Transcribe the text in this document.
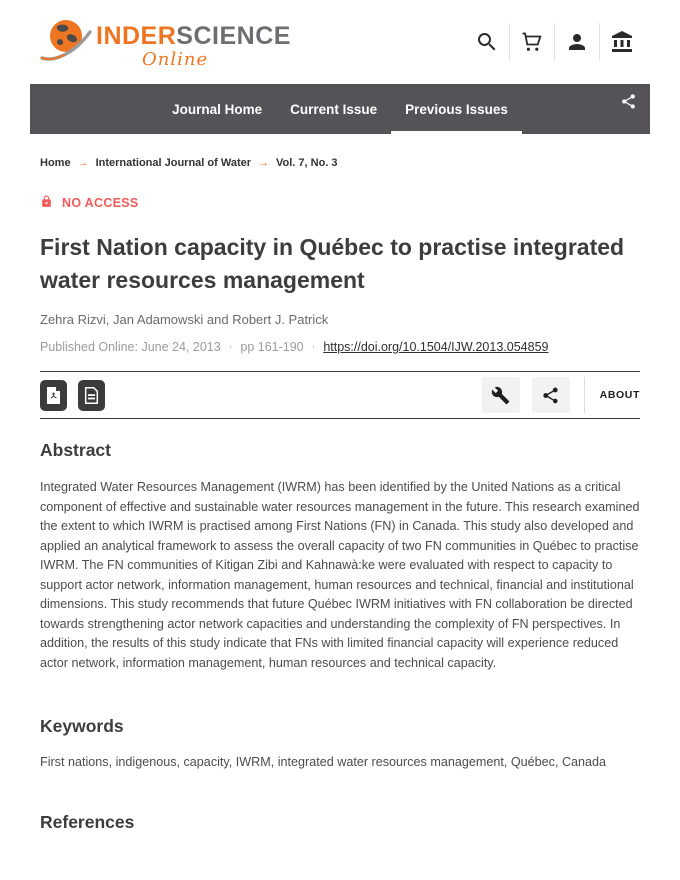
INDERSCIENCE
Online
Journal Home	Current Issue	Previous Issues
Home → International Journal of Water → Vol. 7, No. 3
NO ACCESS
First Nation capacity in Québec to practise integrated water resources management
Zehra Rizvi, Jan Adamowski and Robert J. Patrick
Published Online: June 24, 2013 · pp 161-190 · https://doi.org/10.1504/IJW.2013.054859
ABOUT
Abstract

Integrated Water Resources Management (IWRM) has been identified by the United Nations as a critical component of effective and sustainable water resources management in the future. This research examined the extent to which IWRM is practised among First Nations (FN) in Canada. This study also developed and applied an analytical framework to assess the overall capacity of two FN communities in Québec to practise IWRM. The FN communities of Kitigan Zibi and Kahnawà:ke were evaluated with respect to capacity to support actor network, information management, human resources and technical, financial and institutional dimensions. This study recommends that future Québec IWRM initiatives with FN collaboration be directed towards strengthening actor network capacities and understanding the complexity of FN perspectives. In addition, the results of this study indicate that FNs with limited financial capacity will experience reduced actor network, information management, human resources and technical capacity.

Keywords

First nations, indigenous, capacity, IWRM, integrated water resources management, Québec, Canada

References
